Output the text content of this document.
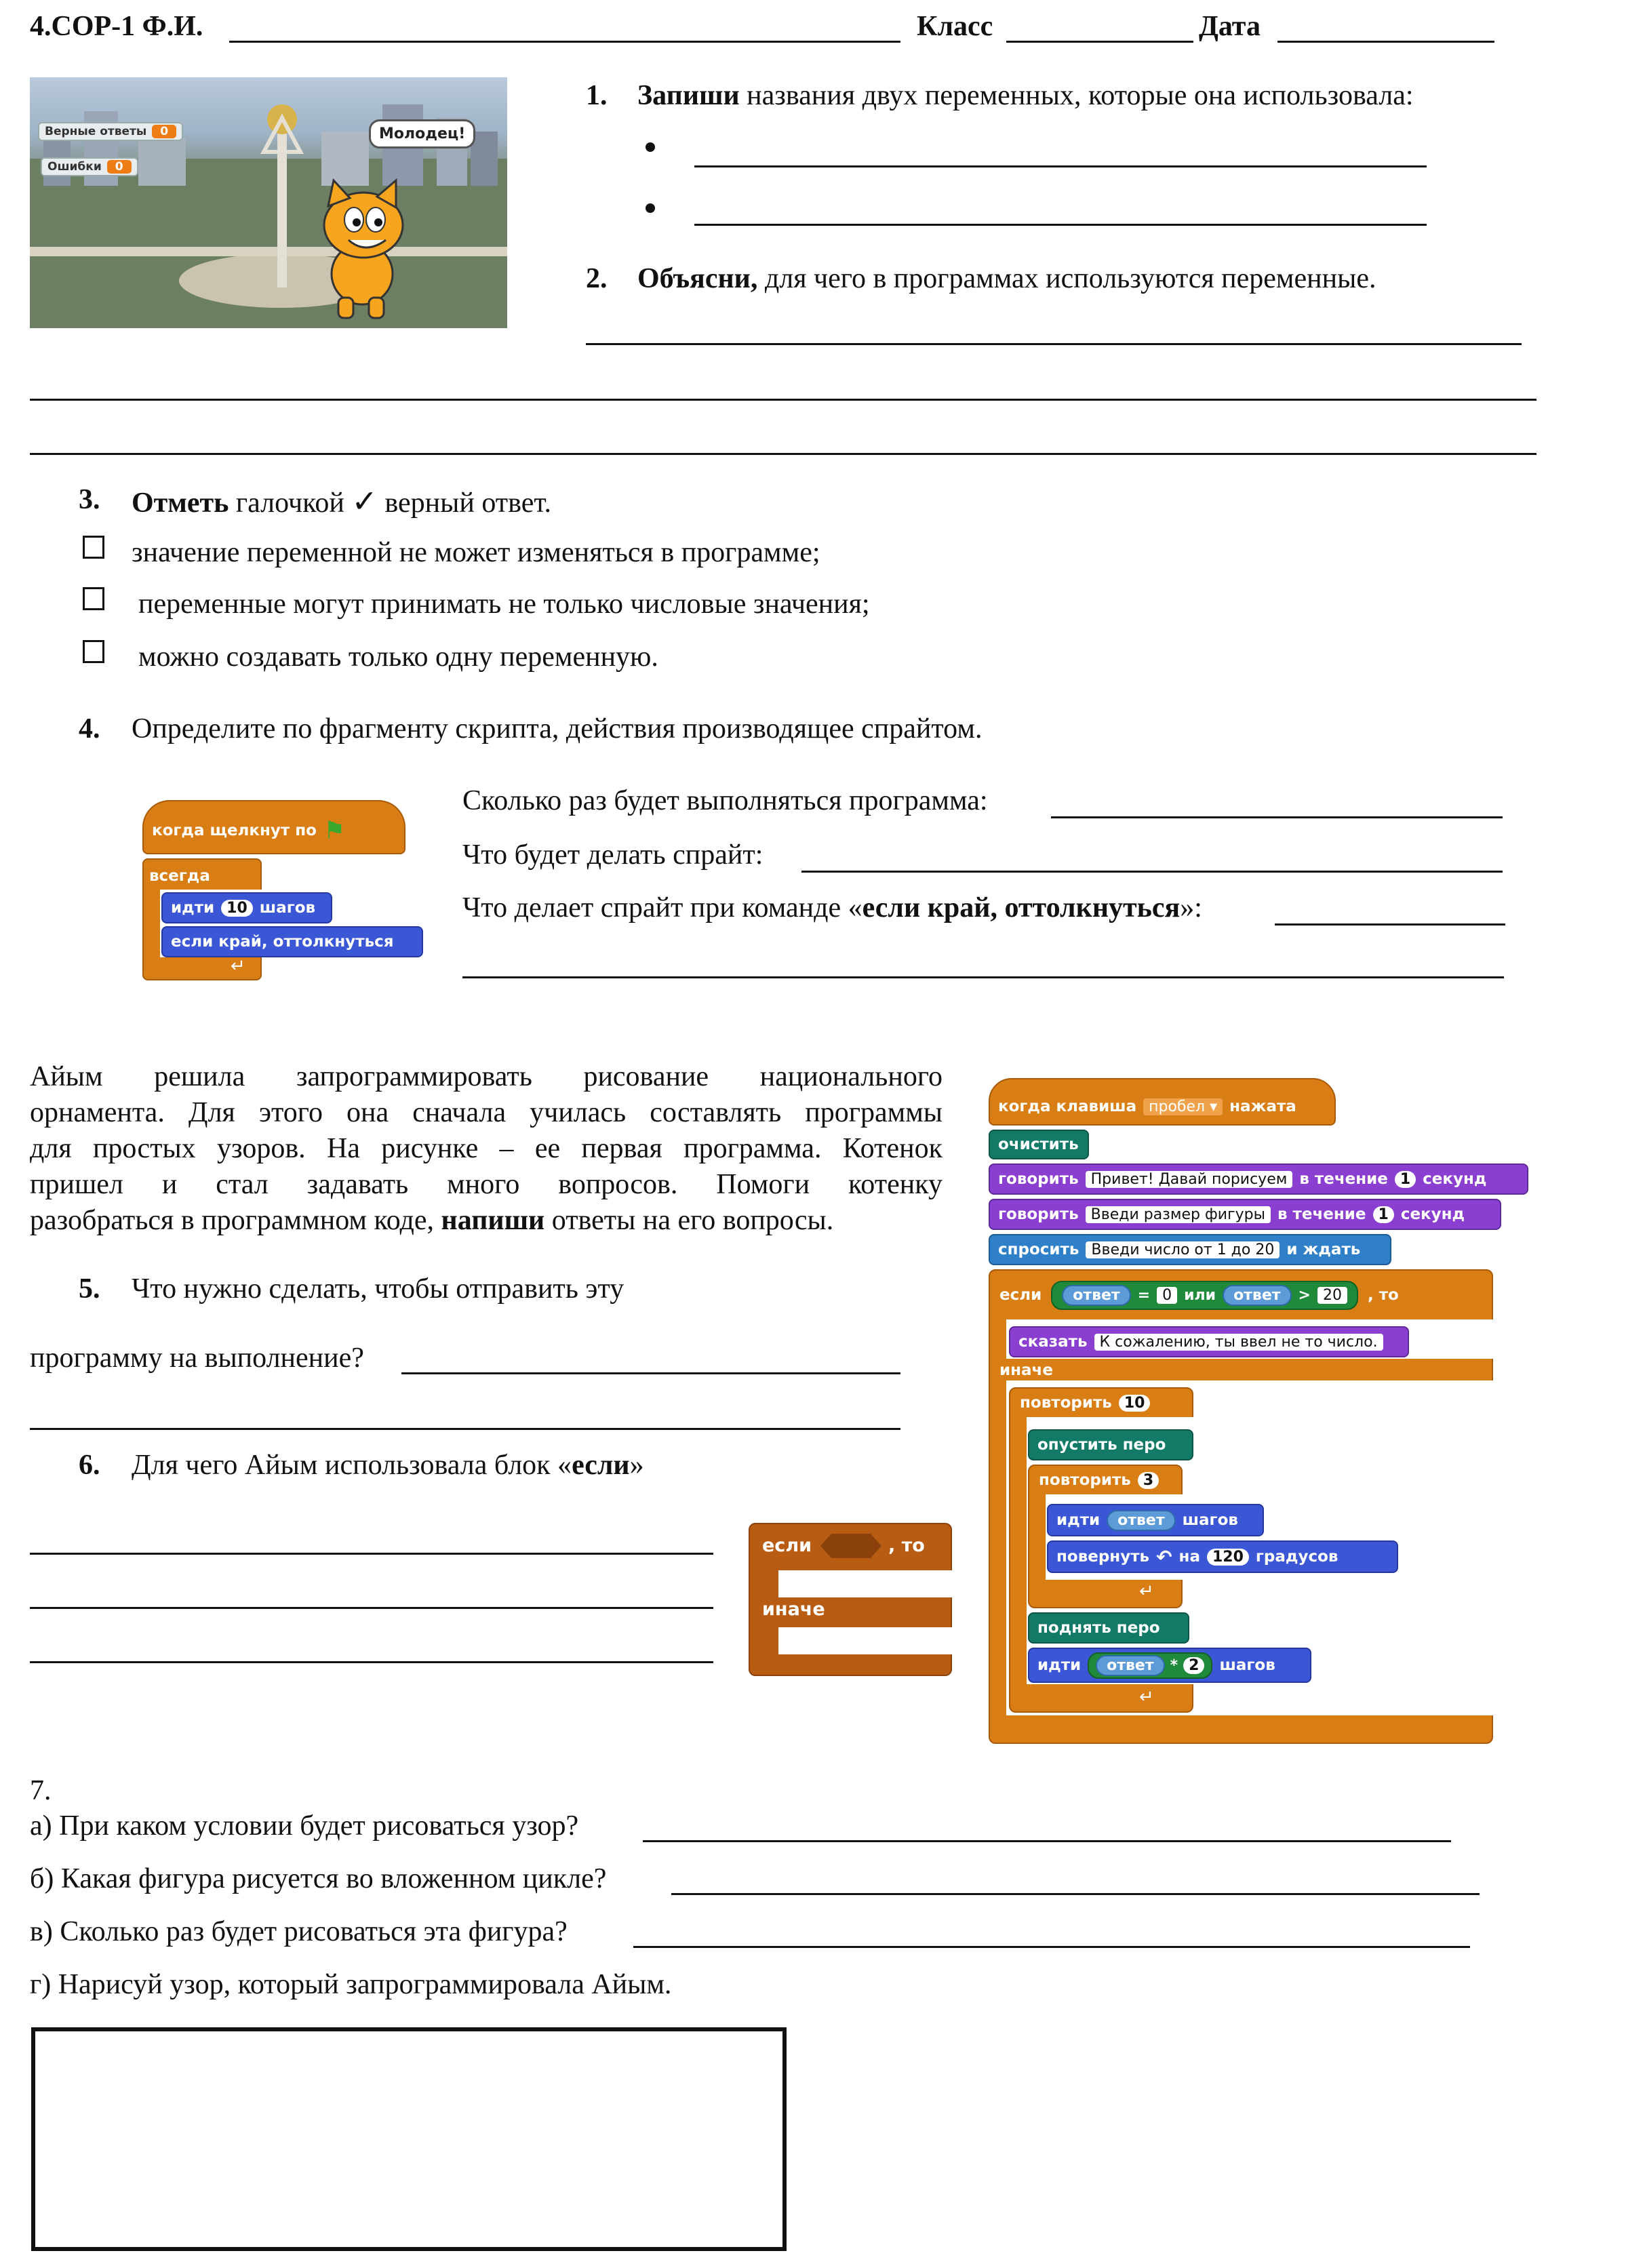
4.СОР-1 Ф.И.	Класс	Дата
Верные ответы	0
Ошибки	0
Молодец!
1. Запиши названия двух переменных, которые она использовала:
2. Объясни, для чего в программах используются переменные.
3. Отметь галочкой ✓ верный ответ.
значение переменной не может изменяться в программе;
переменные могут принимать не только числовые значения;
можно создавать только одну переменную.
4. Определите по фрагменту скрипта, действия производящее спрайтом.
когда щелкнут по ⚑
всегда
идти 10 шагов
если край, оттолкнуться
↵
Сколько раз будет выполняться программа:
Что будет делать спрайт:
Что делает спрайт при команде «если край, оттолкнуться»:
Айым решила запрограммировать рисование национального
орнамента. Для этого она сначала училась составлять программы
для простых узоров. На рисунке – ее первая программа. Котенок
пришел и стал задавать много вопросов. Помоги котенку
разобраться в программном коде, напиши ответы на его вопросы.
5. Что нужно сделать, чтобы отправить эту
программу на выполнение?
6. Для чего Айым использовала блок «если»
если	, то
иначе
когда клавиша пробел ▾ нажата
очистить
говорить Привет! Давай порисуем в течение 1 секунд
говорить Введи размер фигуры в течение 1 секунд
спросить Введи число от 1 до 20 и ждать
если	ответ	= 0 или	ответ	> 20	, то
сказать К сожалению, ты ввел не то число.
иначе
повторить 10
опустить перо
повторить 3
идти	ответ	шагов
повернуть ↶ на 120 градусов
↵
поднять перо
идти	ответ	* 2	шагов
↵
7.
а) При каком условии будет рисоваться узор?
б) Какая фигура рисуется во вложенном цикле?
в) Сколько раз будет рисоваться эта фигура?
г) Нарисуй узор, который запрограммировала Айым.
